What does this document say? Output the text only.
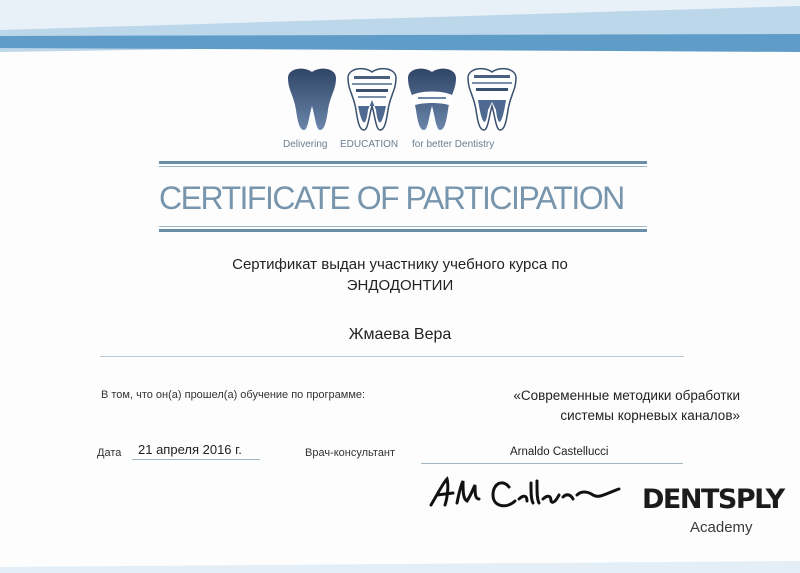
Delivering EDUCATION for better Dentistry
CERTIFICATE OF PARTICIPATION
Сертификат выдан участнику учебного курса по
ЭНДОДОНТИИ
Жмаева Вера
В том, что он(а) прошел(а) обучение по программе:	«Современные методики обработки
системы корневых каналов»
Дата 21 апреля 2016 г.	Врач-консультант	Arnaldo Castellucci
DENTSPLY
Academy
